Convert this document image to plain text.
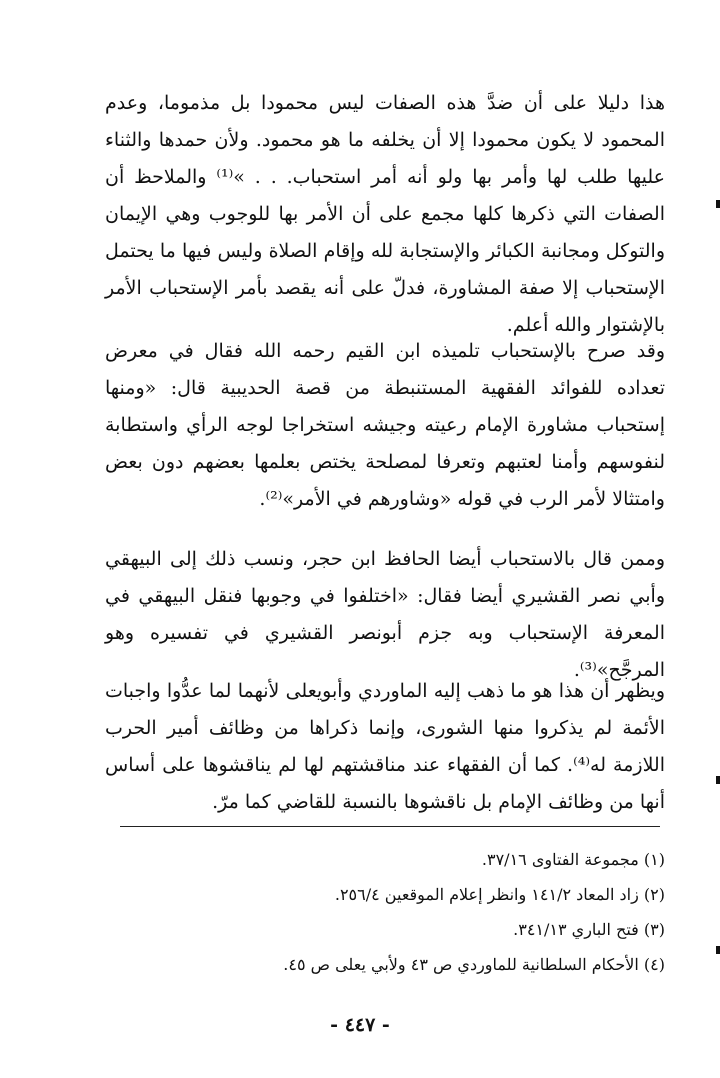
هذا دليلا على أن ضدَّ هذه الصفات ليس محمودا بل مذموما، وعدم المحمود لا يكون محمودا إلا أن يخلفه ما هو محمود. ولأن حمدها والثناء عليها طلب لها وأمر بها ولو أنه أمر استحباب. . . »⁽¹⁾ والملاحظ أن الصفات التي ذكرها كلها مجمع على أن الأمر بها للوجوب وهي الإيمان والتوكل ومجانبة الكبائر والإستجابة لله وإقام الصلاة وليس فيها ما يحتمل الإستحباب إلا صفة المشاورة، فدلّ على أنه يقصد بأمر الإستحباب الأمر بالإشتوار والله أعلم.

وقد صرح بالإستحباب تلميذه ابن القيم رحمه الله فقال في معرض تعداده للفوائد الفقهية المستنبطة من قصة الحديبية قال: «ومنها إستحباب مشاورة الإمام رعيته وجيشه استخراجا لوجه الرأي واستطابة لنفوسهم وأمنا لعتبهم وتعرفا لمصلحة يختص بعلمها بعضهم دون بعض وامتثالا لأمر الرب في قوله «وشاورهم في الأمر»⁽²⁾.

وممن قال بالاستحباب أيضا الحافظ ابن حجر، ونسب ذلك إلى البيهقي وأبي نصر القشيري أيضا فقال: «اختلفوا في وجوبها فنقل البيهقي في المعرفة الإستحباب وبه جزم أبونصر القشيري في تفسيره وهو المرجَّح»⁽³⁾.

ويظهر أن هذا هو ما ذهب إليه الماوردي وأبويعلى لأنهما لما عدُّوا واجبات الأئمة لم يذكروا منها الشورى، وإنما ذكراها من وظائف أمير الحرب اللازمة له⁽⁴⁾. كما أن الفقهاء عند مناقشتهم لها لم يناقشوها على أساس أنها من وظائف الإمام بل ناقشوها بالنسبة للقاضي كما مرّ.

(١) مجموعة الفتاوى ٣٧/١٦.
(٢) زاد المعاد ١٤١/٢ وانظر إعلام الموقعين ٢٥٦/٤.
(٣) فتح الباري ٣٤١/١٣.
(٤) الأحكام السلطانية للماوردي ص ٤٣ ولأبي يعلى ص ٤٥.
- ٤٤٧ -
